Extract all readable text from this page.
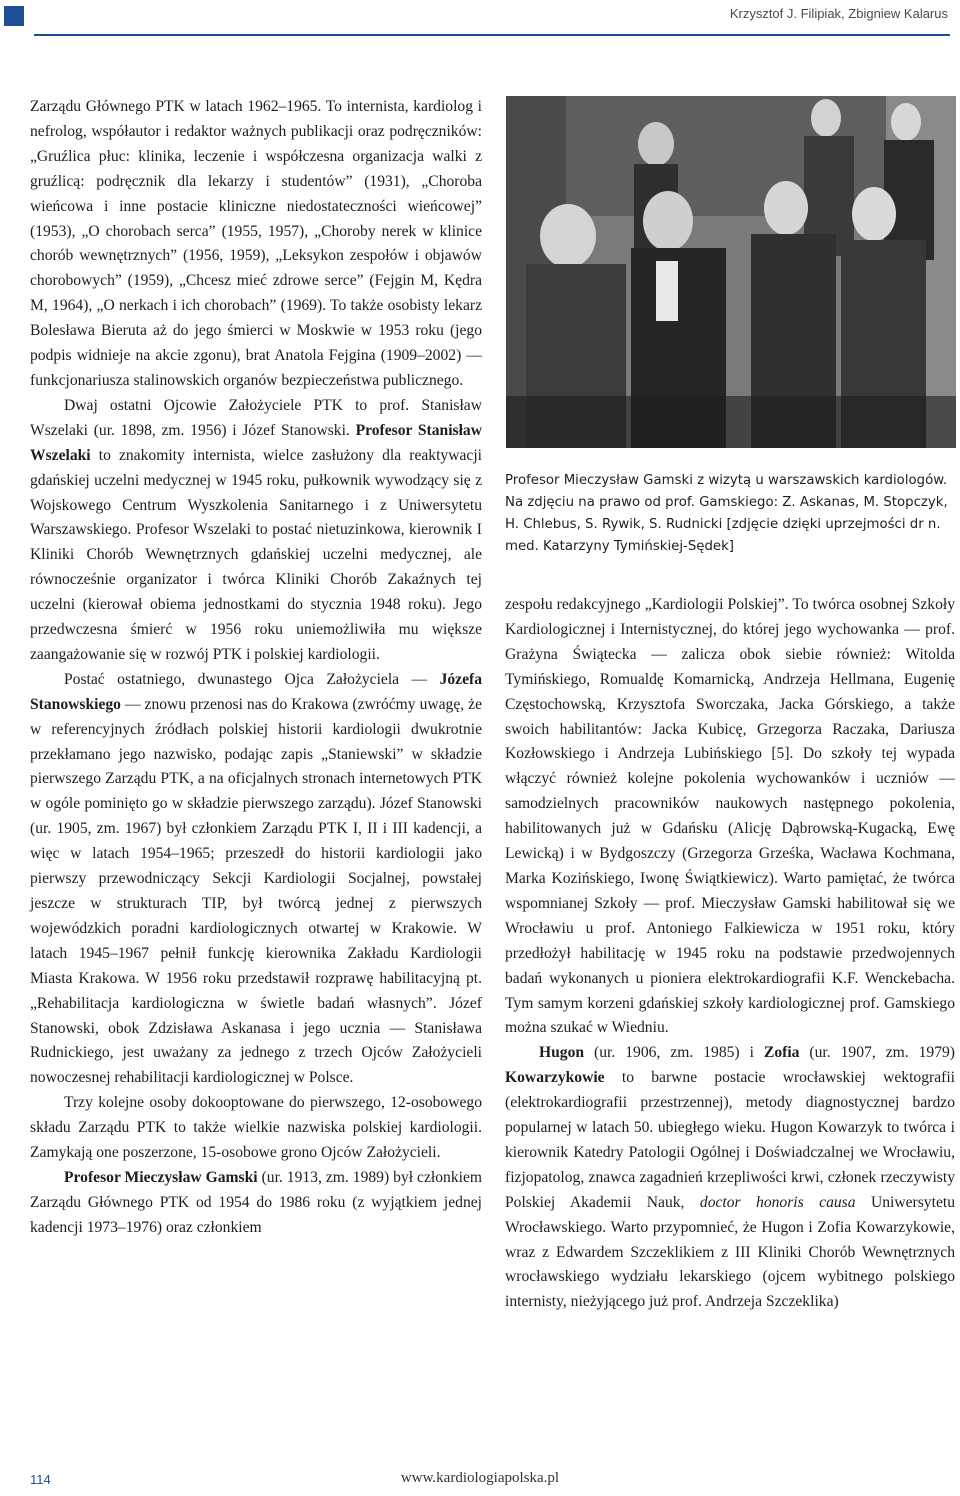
Krzysztof J. Filipiak, Zbigniew Kalarus

Zarządu Głównego PTK w latach 1962–1965. To internista, kardiolog i nefrolog, współautor i redaktor ważnych publikacji oraz podręczników: „Gruźlica płuc: klinika, leczenie i współczesna organizacja walki z gruźlicą: podręcznik dla lekarzy i studentów” (1931), „Choroba wieńcowa i inne postacie kliniczne niedostateczności wieńcowej” (1953), „O chorobach serca” (1955, 1957), „Choroby nerek w klinice chorób wewnętrznych” (1956, 1959), „Leksykon zespołów i objawów chorobowych” (1959), „Chcesz mieć zdrowe serce” (Fejgin M, Kędra M, 1964), „O nerkach i ich chorobach” (1969). To także osobisty lekarz Bolesława Bieruta aż do jego śmierci w Moskwie w 1953 roku (jego podpis widnieje na akcie zgonu), brat Anatola Fejgina (1909–2002) — funkcjonariusza stalinowskich organów bezpieczeństwa publicznego.

Dwaj ostatni Ojcowie Założyciele PTK to prof. Stanisław Wszelaki (ur. 1898, zm. 1956) i Józef Stanowski. Profesor Stanisław Wszelaki to znakomity internista, wielce zasłużony dla reaktywacji gdańskiej uczelni medycznej w 1945 roku, pułkownik wywodzący się z Wojskowego Centrum Wyszkolenia Sanitarnego i z Uniwersytetu Warszawskiego. Profesor Wszelaki to postać nietuzinkowa, kierownik I Kliniki Chorób Wewnętrznych gdańskiej uczelni medycznej, ale równocześnie organizator i twórca Kliniki Chorób Zakaźnych tej uczelni (kierował obiema jednostkami do stycznia 1948 roku). Jego przedwczesna śmierć w 1956 roku uniemożliwiła mu większe zaangażowanie się w rozwój PTK i polskiej kardiologii.

Postać ostatniego, dwunastego Ojca Założyciela — Józefa Stanowskiego — znowu przenosi nas do Krakowa (zwróćmy uwagę, że w referencyjnych źródłach polskiej historii kardiologii dwukrotnie przekłamano jego nazwisko, podając zapis „Staniewski” w składzie pierwszego Zarządu PTK, a na oficjalnych stronach internetowych PTK w ogóle pominięto go w składzie pierwszego zarządu). Józef Stanowski (ur. 1905, zm. 1967) był członkiem Zarządu PTK I, II i III kadencji, a więc w latach 1954–1965; przeszedł do historii kardiologii jako pierwszy przewodniczący Sekcji Kardiologii Socjalnej, powstałej jeszcze w strukturach TIP, był twórcą jednej z pierwszych wojewódzkich poradni kardiologicznych otwartej w Krakowie. W latach 1945–1967 pełnił funkcję kierownika Zakładu Kardiologii Miasta Krakowa. W 1956 roku przedstawił rozprawę habilitacyjną pt. „Rehabilitacja kardiologiczna w świetle badań własnych”. Józef Stanowski, obok Zdzisława Askanasa i jego ucznia — Stanisława Rudnickiego, jest uważany za jednego z trzech Ojców Założycieli nowoczesnej rehabilitacji kardiologicznej w Polsce.

Trzy kolejne osoby dokooptowane do pierwszego, 12-osobowego składu Zarządu PTK to także wielkie nazwiska polskiej kardiologii. Zamykają one poszerzone, 15-osobowe grono Ojców Założycieli.

Profesor Mieczysław Gamski (ur. 1913, zm. 1989) był członkiem Zarządu Głównego PTK od 1954 do 1986 roku (z wyjątkiem jednej kadencji 1973–1976) oraz członkiem

Profesor Mieczysław Gamski z wizytą u warszawskich kardiologów. Na zdjęciu na prawo od prof. Gamskiego: Z. Askanas, M. Stopczyk, H. Chlebus, S. Rywik, S. Rudnicki [zdjęcie dzięki uprzejmości dr n. med. Katarzyny Tymińskiej-Sędek]

zespołu redakcyjnego „Kardiologii Polskiej”. To twórca osobnej Szkoły Kardiologicznej i Internistycznej, do której jego wychowanka — prof. Grażyna Świątecka — zalicza obok siebie również: Witolda Tymińskiego, Romualdę Komarnicką, Andrzeja Hellmana, Eugenię Częstochowską, Krzysztofa Sworczaka, Jacka Górskiego, a także swoich habilitantów: Jacka Kubicę, Grzegorza Raczaka, Dariusza Kozłowskiego i Andrzeja Lubińskiego [5]. Do szkoły tej wypada włączyć również kolejne pokolenia wychowanków i uczniów — samodzielnych pracowników naukowych następnego pokolenia, habilitowanych już w Gdańsku (Alicję Dąbrowską-Kugacką, Ewę Lewicką) i w Bydgoszczy (Grzegorza Grześka, Wacława Kochmana, Marka Kozińskiego, Iwonę Świątkiewicz). Warto pamiętać, że twórca wspomnianej Szkoły — prof. Mieczysław Gamski habilitował się we Wrocławiu u prof. Antoniego Falkiewicza w 1951 roku, który przedłożył habilitację w 1945 roku na podstawie przedwojennych badań wykonanych u pioniera elektrokardiografii K.F. Wenckebacha. Tym samym korzeni gdańskiej szkoły kardiologicznej prof. Gamskiego można szukać w Wiedniu.

Hugon (ur. 1906, zm. 1985) i Zofia (ur. 1907, zm. 1979) Kowarzykowie to barwne postacie wrocławskiej wektografii (elektrokardiografii przestrzennej), metody diagnostycznej bardzo popularnej w latach 50. ubiegłego wieku. Hugon Kowarzyk to twórca i kierownik Katedry Patologii Ogólnej i Doświadczalnej we Wrocławiu, fizjopatolog, znawca zagadnień krzepliwości krwi, członek rzeczywisty Polskiej Akademii Nauk, doctor honoris causa Uniwersytetu Wrocławskiego. Warto przypomnieć, że Hugon i Zofia Kowarzykowie, wraz z Edwardem Szczeklikiem z III Kliniki Chorób Wewnętrznych wrocławskiego wydziału lekarskiego (ojcem wybitnego polskiego internisty, nieżyjącego już prof. Andrzeja Szczeklika)

114	www.kardiologiapolska.pl
